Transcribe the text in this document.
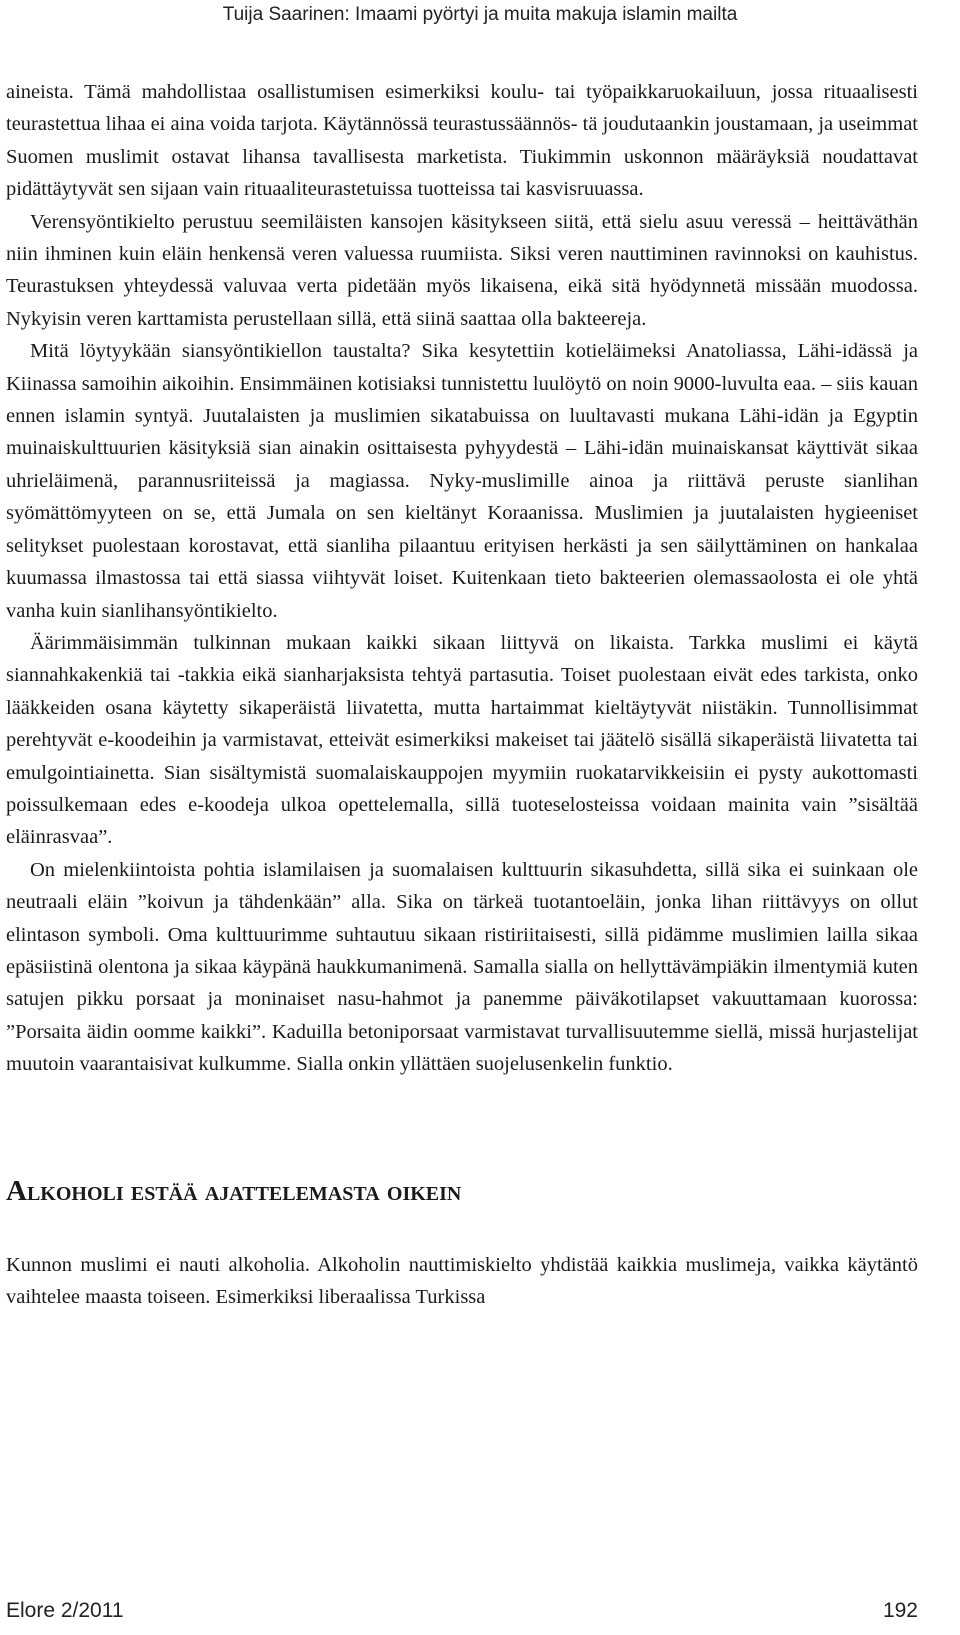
Tuija Saarinen: Imaami pyörtyi ja muita makuja islamin mailta

aineista. Tämä mahdollistaa osallistumisen esimerkiksi koulu- tai työpaikkaruokailuun, jossa rituaalisesti teurastettua lihaa ei aina voida tarjota. Käytännössä teurastussäännös- tä joudutaankin joustamaan, ja useimmat Suomen muslimit ostavat lihansa tavallisesta marketista. Tiukimmin uskonnon määräyksiä noudattavat pidättäytyvät sen sijaan vain rituaaliteurastetuissa tuotteissa tai kasvisruuassa.

Verensyöntikielto perustuu seemiläisten kansojen käsitykseen siitä, että sielu asuu veressä – heittäväthän niin ihminen kuin eläin henkensä veren valuessa ruumiista. Siksi veren nauttiminen ravinnoksi on kauhistus. Teurastuksen yhteydessä valuvaa verta pidetään myös likaisena, eikä sitä hyödynnetä missään muodossa. Nykyisin veren karttamista perustellaan sillä, että siinä saattaa olla bakteereja.

Mitä löytyykään siansyöntikiellon taustalta? Sika kesytettiin kotieläimeksi Anatoliassa, Lähi-idässä ja Kiinassa samoihin aikoihin. Ensimmäinen kotisiaksi tunnistettu luulöytö on noin 9000-luvulta eaa. – siis kauan ennen islamin syntyä. Juutalaisten ja muslimien sikatabuissa on luultavasti mukana Lähi-idän ja Egyptin muinaiskulttuurien käsityksiä sian ainakin osittaisesta pyhyydestä – Lähi-idän muinaiskansat käyttivät sikaa uhrieläimenä, parannusriiteissä ja magiassa. Nyky-muslimille ainoa ja riittävä peruste sianlihan syömättömyyteen on se, että Jumala on sen kieltänyt Koraanissa. Muslimien ja juutalaisten hygieeniset selitykset puolestaan korostavat, että sianliha pilaantuu erityisen herkästi ja sen säilyttäminen on hankalaa kuumassa ilmastossa tai että siassa viihtyvät loiset. Kuitenkaan tieto bakteerien olemassaolosta ei ole yhtä vanha kuin sianlihansyöntikielto.

Äärimmäisimmän tulkinnan mukaan kaikki sikaan liittyvä on likaista. Tarkka muslimi ei käytä siannahkakenkiä tai -takkia eikä sianharjaksista tehtyä partasutia. Toiset puolestaan eivät edes tarkista, onko lääkkeiden osana käytetty sikaperäistä liivatetta, mutta hartaimmat kieltäytyvät niistäkin. Tunnollisimmat perehtyvät e-koodeihin ja varmistavat, etteivät esimerkiksi makeiset tai jäätelö sisällä sikaperäistä liivatetta tai emulgointiainetta. Sian sisältymistä suomalaiskauppojen myymiin ruokatarvikkeisiin ei pysty aukottomasti poissulkemaan edes e-koodeja ulkoa opettelemalla, sillä tuoteselosteissa voidaan mainita vain ”sisältää eläinrasvaa”.

On mielenkiintoista pohtia islamilaisen ja suomalaisen kulttuurin sikasuhdetta, sillä sika ei suinkaan ole neutraali eläin ”koivun ja tähdenkään” alla. Sika on tärkeä tuotantoeläin, jonka lihan riittävyys on ollut elintason symboli. Oma kulttuurimme suhtautuu sikaan ristiriitaisesti, sillä pidämme muslimien lailla sikaa epäsiistinä olentona ja sikaa käypänä haukkumanimenä. Samalla sialla on hellyttävämpiäkin ilmentymiä kuten satujen pikku porsaat ja moninaiset nasu-hahmot ja panemme päiväkotilapset vakuuttamaan kuorossa: ”Porsaita äidin oomme kaikki”. Kaduilla betoniporsaat varmistavat turvallisuutemme siellä, missä hurjastelijat muutoin vaarantaisivat kulkumme. Sialla onkin yllättäen suojelusenkelin funktio.

Alkoholi estää ajattelemasta oikein

Kunnon muslimi ei nauti alkoholia. Alkoholin nauttimiskielto yhdistää kaikkia muslimeja, vaikka käytäntö vaihtelee maasta toiseen. Esimerkiksi liberaalissa Turkissa

Elore 2/2011	192
